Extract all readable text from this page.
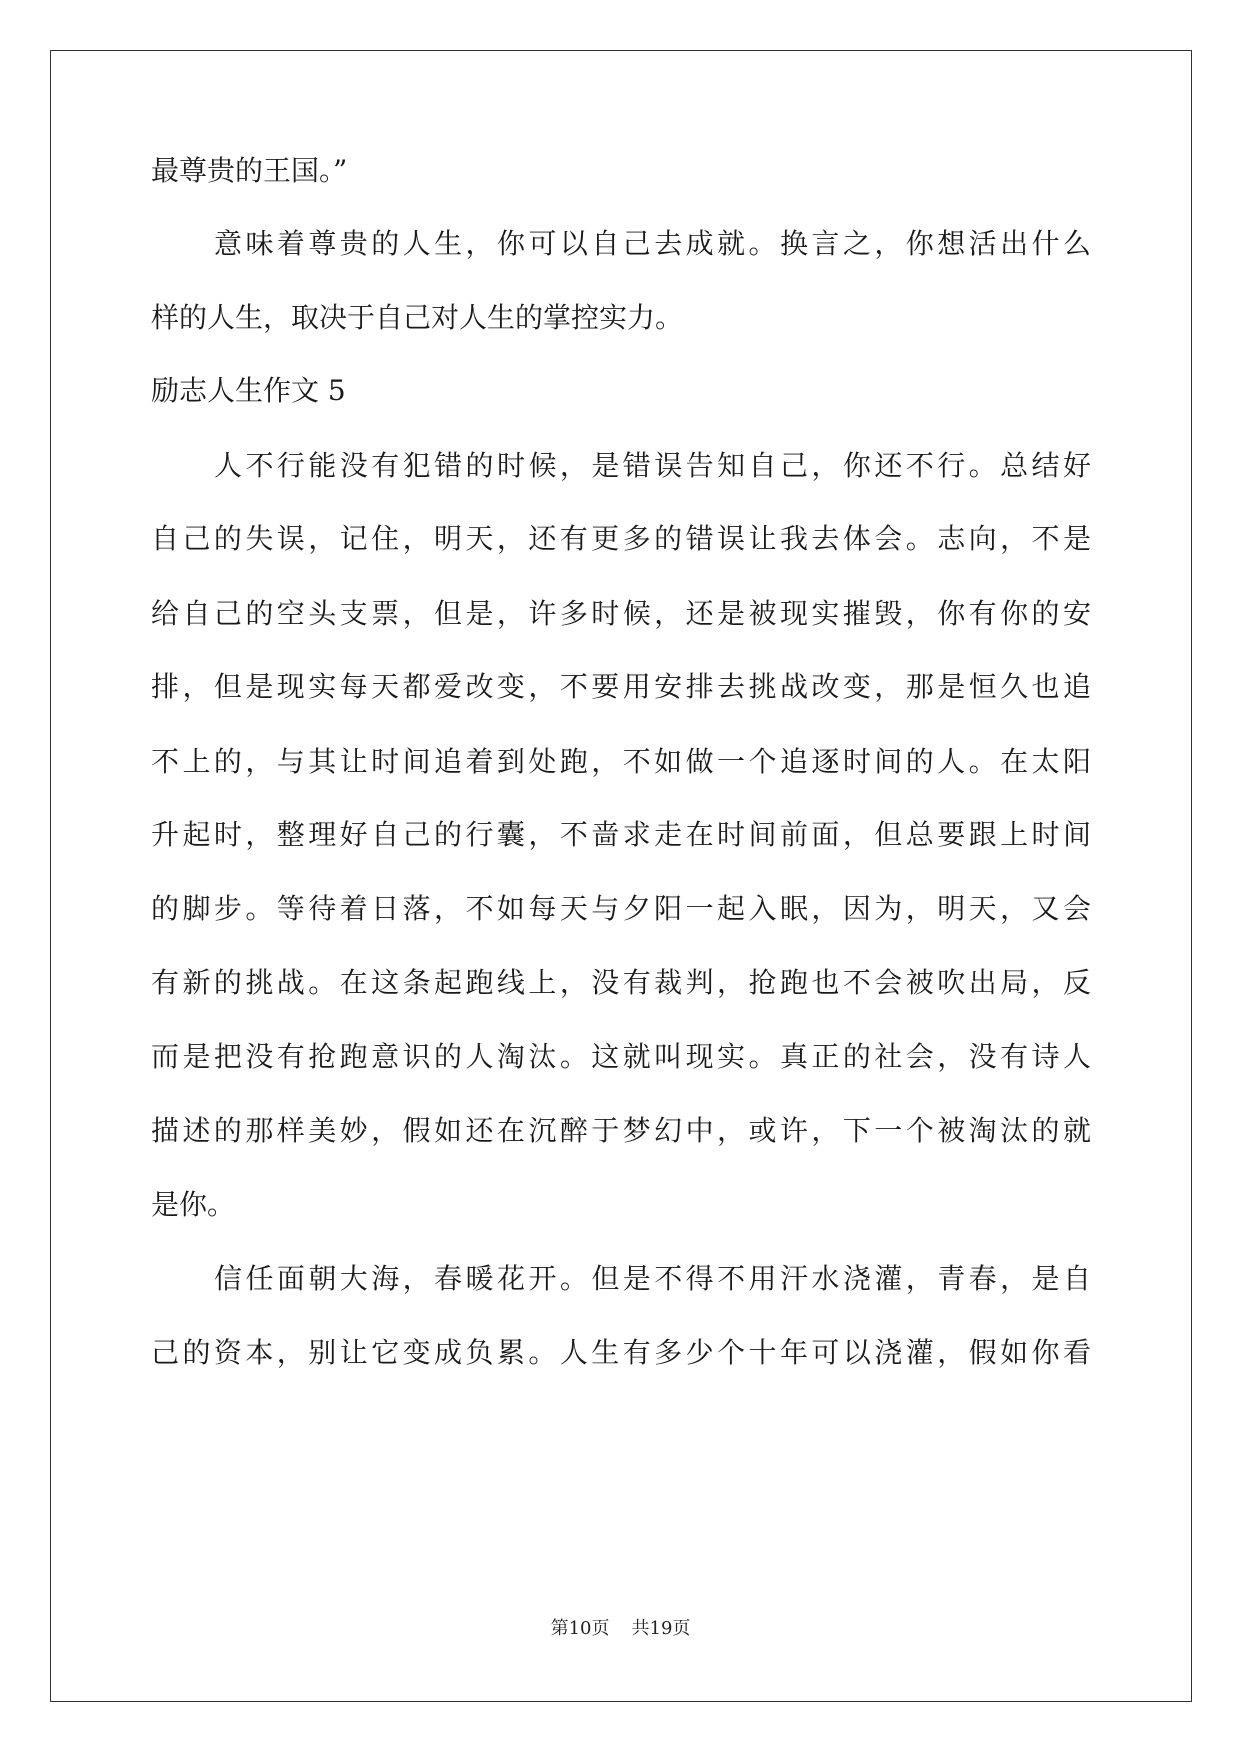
最尊贵的王国。”

意味着尊贵的人生，你可以自己去成就。换言之，你想活出什么

样的人生，取决于自己对人生的掌控实力。

励志人生作文 5

人不行能没有犯错的时候，是错误告知自己，你还不行。总结好

自己的失误，记住，明天，还有更多的错误让我去体会。志向，不是

给自己的空头支票，但是，许多时候，还是被现实摧毁，你有你的安

排，但是现实每天都爱改变，不要用安排去挑战改变，那是恒久也追

不上的，与其让时间追着到处跑，不如做一个追逐时间的人。在太阳

升起时，整理好自己的行囊，不啬求走在时间前面，但总要跟上时间

的脚步。等待着日落，不如每天与夕阳一起入眠，因为，明天，又会

有新的挑战。在这条起跑线上，没有裁判，抢跑也不会被吹出局，反

而是把没有抢跑意识的人淘汰。这就叫现实。真正的社会，没有诗人

描述的那样美妙，假如还在沉醉于梦幻中，或许，下一个被淘汰的就

是你。

信任面朝大海，春暖花开。但是不得不用汗水浇灌，青春，是自

己的资本，别让它变成负累。人生有多少个十年可以浇灌，假如你看

第10页 共19页
